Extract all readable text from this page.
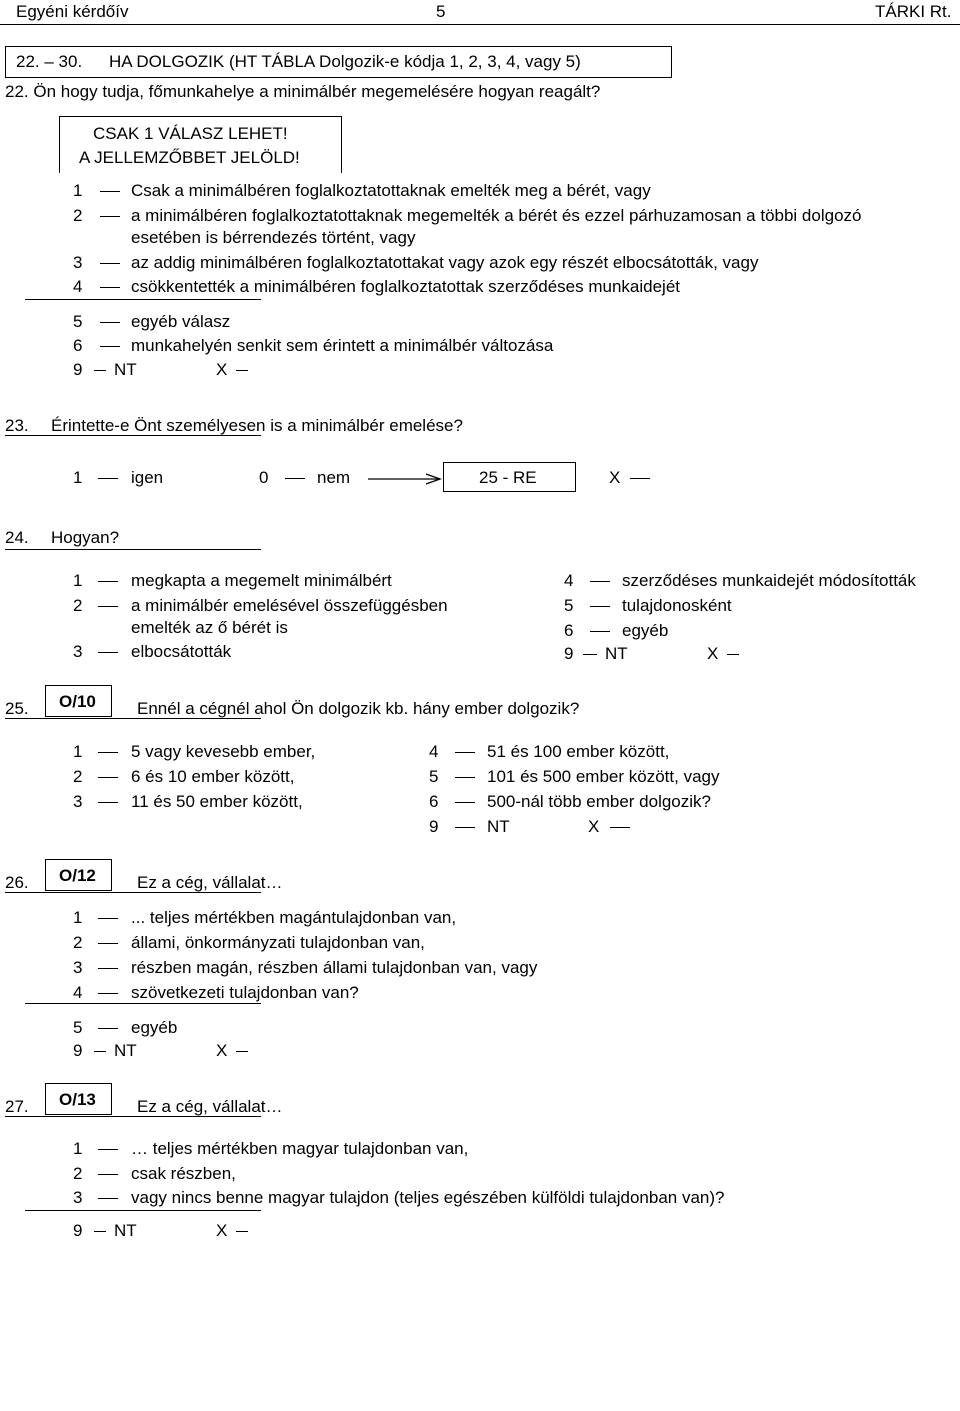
Egyéni kérdőív	5	TÁRKI Rt.
22. – 30. HA DOLGOZIK (HT TÁBLA Dolgozik-e kódja 1, 2, 3, 4, vagy 5)
22. Ön hogy tudja, főmunkahelye a minimálbér megemelésére hogyan reagált?
CSAK 1 VÁLASZ LEHET!
A JELLEMZŐBBET JELÖLD!
1	Csak a minimálbéren foglalkoztatottaknak emelték meg a bérét, vagy
2	a minimálbéren foglalkoztatottaknak megemelték a bérét és ezzel párhuzamosan a többi dolgozó
esetében is bérrendezés történt, vagy
3	az addig minimálbéren foglalkoztatottakat vagy azok egy részét elbocsátották, vagy
4	csökkentették a minimálbéren foglalkoztatottak szerződéses munkaidejét
5	egyéb válasz
6	munkahelyén senkit sem érintett a minimálbér változása
9 NT	X
23. Érintette-e Önt személyesen is a minimálbér emelése?
1	igen	0	nem	25 - RE	X
24. Hogyan?
1	megkapta a megemelt minimálbért
2	a minimálbér emelésével összefüggésben
emelték az ő bérét is
3	elbocsátották
4	szerződéses munkaidejét módosították
5	tulajdonosként
6	egyéb
9 NT	X
25. O/10 Ennél a cégnél ahol Ön dolgozik kb. hány ember dolgozik?
1	5 vagy kevesebb ember,
2	6 és 10 ember között,
3	11 és 50 ember között,
4	51 és 100 ember között,
5	101 és 500 ember között, vagy
6	500-nál több ember dolgozik?
9	NT	X
26. O/12 Ez a cég, vállalat…
1	... teljes mértékben magántulajdonban van,
2	állami, önkormányzati tulajdonban van,
3	részben magán, részben állami tulajdonban van, vagy
4	szövetkezeti tulajdonban van?
5	egyéb
9 NT	X
27. O/13 Ez a cég, vállalat…
1	… teljes mértékben magyar tulajdonban van,
2	csak részben,
3	vagy nincs benne magyar tulajdon (teljes egészében külföldi tulajdonban van)?
9 NT	X
